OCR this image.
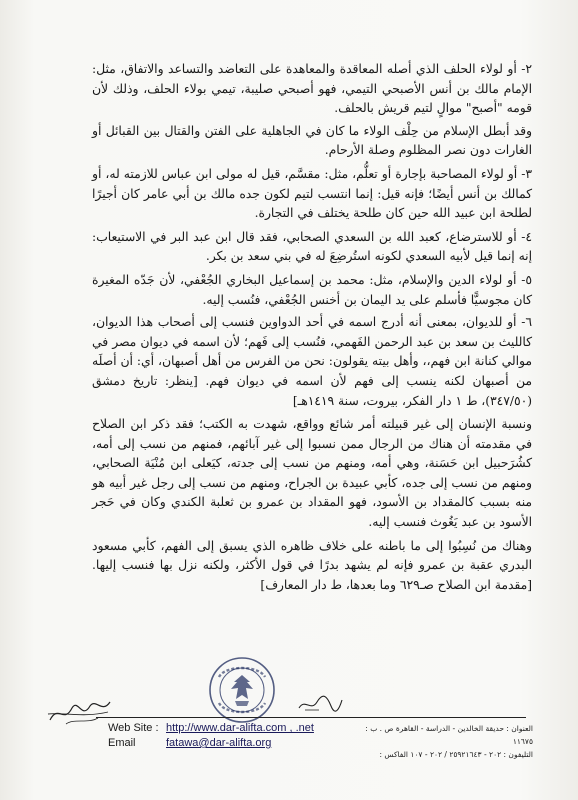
٢- أو لولاء الحلف الذي أصله المعاقدة والمعاهدة على التعاضد والتساعد والاتفاق، مثل: الإمام مالك بن أنس الأصبحي التيمي، فهو أصبحي صليبة، تيمي بولاء الحلف، وذلك لأن قومه "أصبح" موالٍ لتيم قريش بالحلف.

وقد أبطل الإسلام من حِلْف الولاء ما كان في الجاهلية على الفتن والقتال بين القبائل أو الغارات دون نصر المظلوم وصلة الأرحام.

٣- أو لولاء المصاحبة بإجارة أو تعلُّم، مثل: مقسَّم، قيل له مولى ابن عباس للازمته له، أو كمالك بن أنس أيضًا؛ فإنه قيل: إنما انتسب لتيم لكون جده مالك بن أبي عامر كان أجيرًا لطلحة ابن عبيد الله حين كان طلحة يختلف في التجارة.

٤- أو للاسترضاع، كعبد الله بن السعدي الصحابي، فقد قال ابن عبد البر في الاستيعاب: إنه إنما قيل لأبيه السعدي لكونه استُرضِعَ له في بني سعد بن بكر.

٥- أو لولاء الدين والإسلام، مثل: محمد بن إسماعيل البخاري الجُعْفي، لأن جَدّه المغيرة كان مجوسيًّا فأسلم على يد اليمان بن أخنس الجُعْفي، فنُسب إليه.

٦- أو للديوان، بمعنى أنه أدرج اسمه في أحد الدواوين فنسب إلى أصحاب هذا الديوان، كالليث بن سعد بن عبد الرحمن الفَهمي، فنُسب إلى فَهم؛ لأن اسمه في ديوان مصر في موالي كنانة ابن فهم،، وأهل بيته يقولون: نحن من الفرس من أهل أصبهان، أي: أن أصلَه من أصبهان لكنه ينسب إلى فهم لأن اسمه في ديوان فهم. [ينظر: تاريخ دمشق (٣٤٧/٥٠)، ط ١ دار الفكر، بيروت، سنة ١٤١٩هـ]

ونسبة الإنسان إلى غير قبيلته أمر شائع وواقع، شهدت به الكتب؛ فقد ذكر ابن الصلاح في مقدمته أن هناك من الرجال ممن نسبوا إلى غير آبائهم، فمنهم من نسب إلى أمه، كشُرَحبيل ابن حَسَنة، وهي أمه، ومنهم من نسب إلى جدته، كيَعلى ابن مُنْيَة الصحابي، ومنهم من نسب إلى جده، كأبي عبيدة بن الجراح، ومنهم من نسب إلى رجل غير أبيه هو منه بسبب كالمقداد بن الأسود، فهو المقداد بن عمرو بن ثعلبة الكندي وكان في حَجر الأسود بن عبد يَغُوث فنسب إليه.

وهناك من نُسِبُوا إلى ما باطنه على خلاف ظاهره الذي يسبق إلى الفهم، كأبي مسعود البدري عقبة بن عمرو فإنه لم يشهد بدرًا في قول الأكثر، ولكنه نزل بها فنسب إليها. [مقدمة ابن الصلاح صـ٦٢٩ وما بعدها، ط دار المعارف]

Web Site : http://www.dar-alifta.com , .net
Email	fatawa@dar-alifta.org
العنوان : حديقة الخالدين - الدراسة - القاهرة ص . ب : ١١٦٧٥
التليفون : ٢٠٢ - ٢٥٩٢١٦٤٣ / ٢٠٢ - ١٠٧ الفاكس :
